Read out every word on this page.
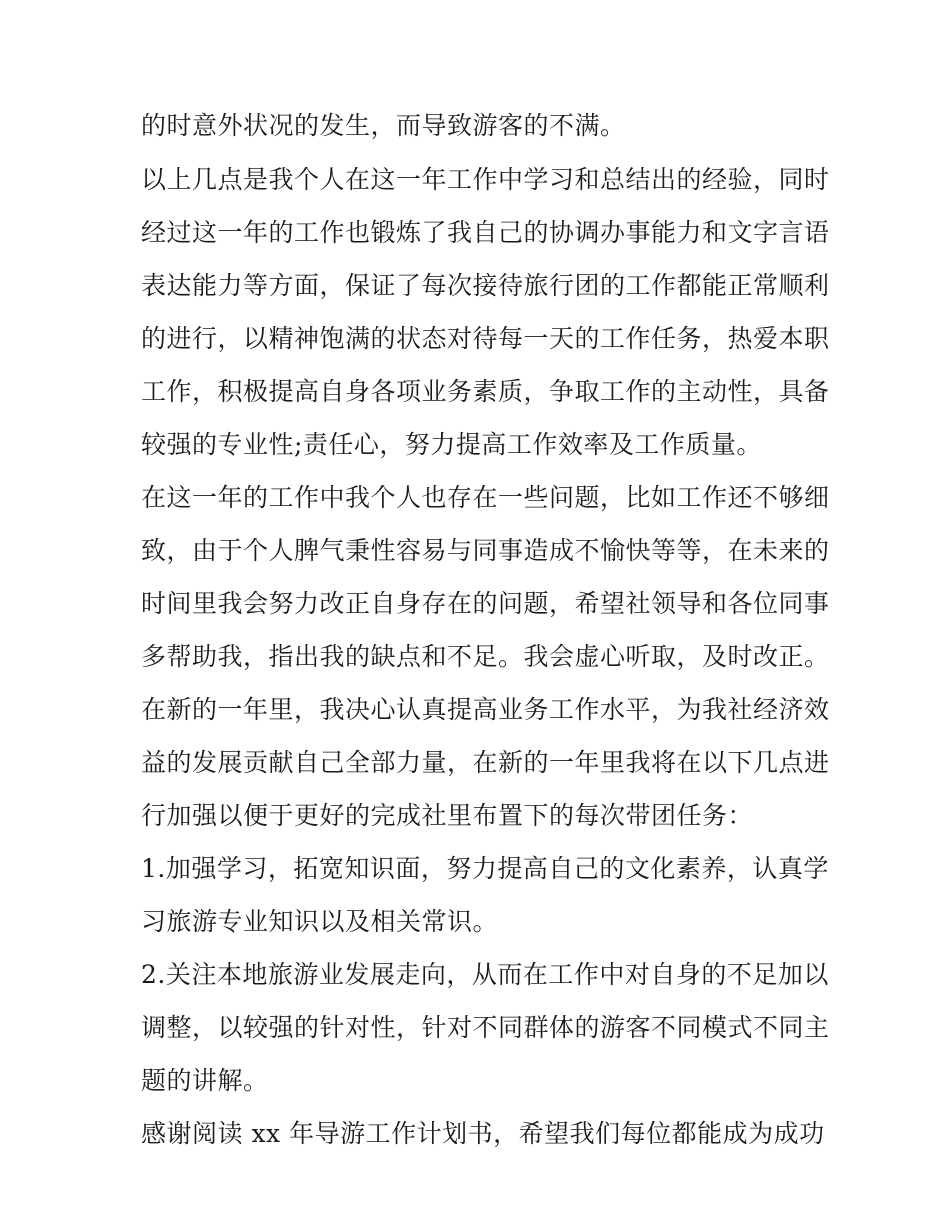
的时意外状况的发生，而导致游客的不满。
以上几点是我个人在这一年工作中学习和总结出的经验，同时
经过这一年的工作也锻炼了我自己的协调办事能力和文字言语
表达能力等方面，保证了每次接待旅行团的工作都能正常顺利
的进行，以精神饱满的状态对待每一天的工作任务，热爱本职
工作，积极提高自身各项业务素质，争取工作的主动性，具备
较强的专业性;责任心，努力提高工作效率及工作质量。
在这一年的工作中我个人也存在一些问题，比如工作还不够细
致，由于个人脾气秉性容易与同事造成不愉快等等，在未来的
时间里我会努力改正自身存在的问题，希望社领导和各位同事
多帮助我，指出我的缺点和不足。我会虚心听取，及时改正。
在新的一年里，我决心认真提高业务工作水平，为我社经济效
益的发展贡献自己全部力量，在新的一年里我将在以下几点进
行加强以便于更好的完成社里布置下的每次带团任务：
1.加强学习，拓宽知识面，努力提高自己的文化素养，认真学
习旅游专业知识以及相关常识。
2.关注本地旅游业发展走向，从而在工作中对自身的不足加以
调整，以较强的针对性，针对不同群体的游客不同模式不同主
题的讲解。
感谢阅读 xx 年导游工作计划书，希望我们每位都能成为成功
